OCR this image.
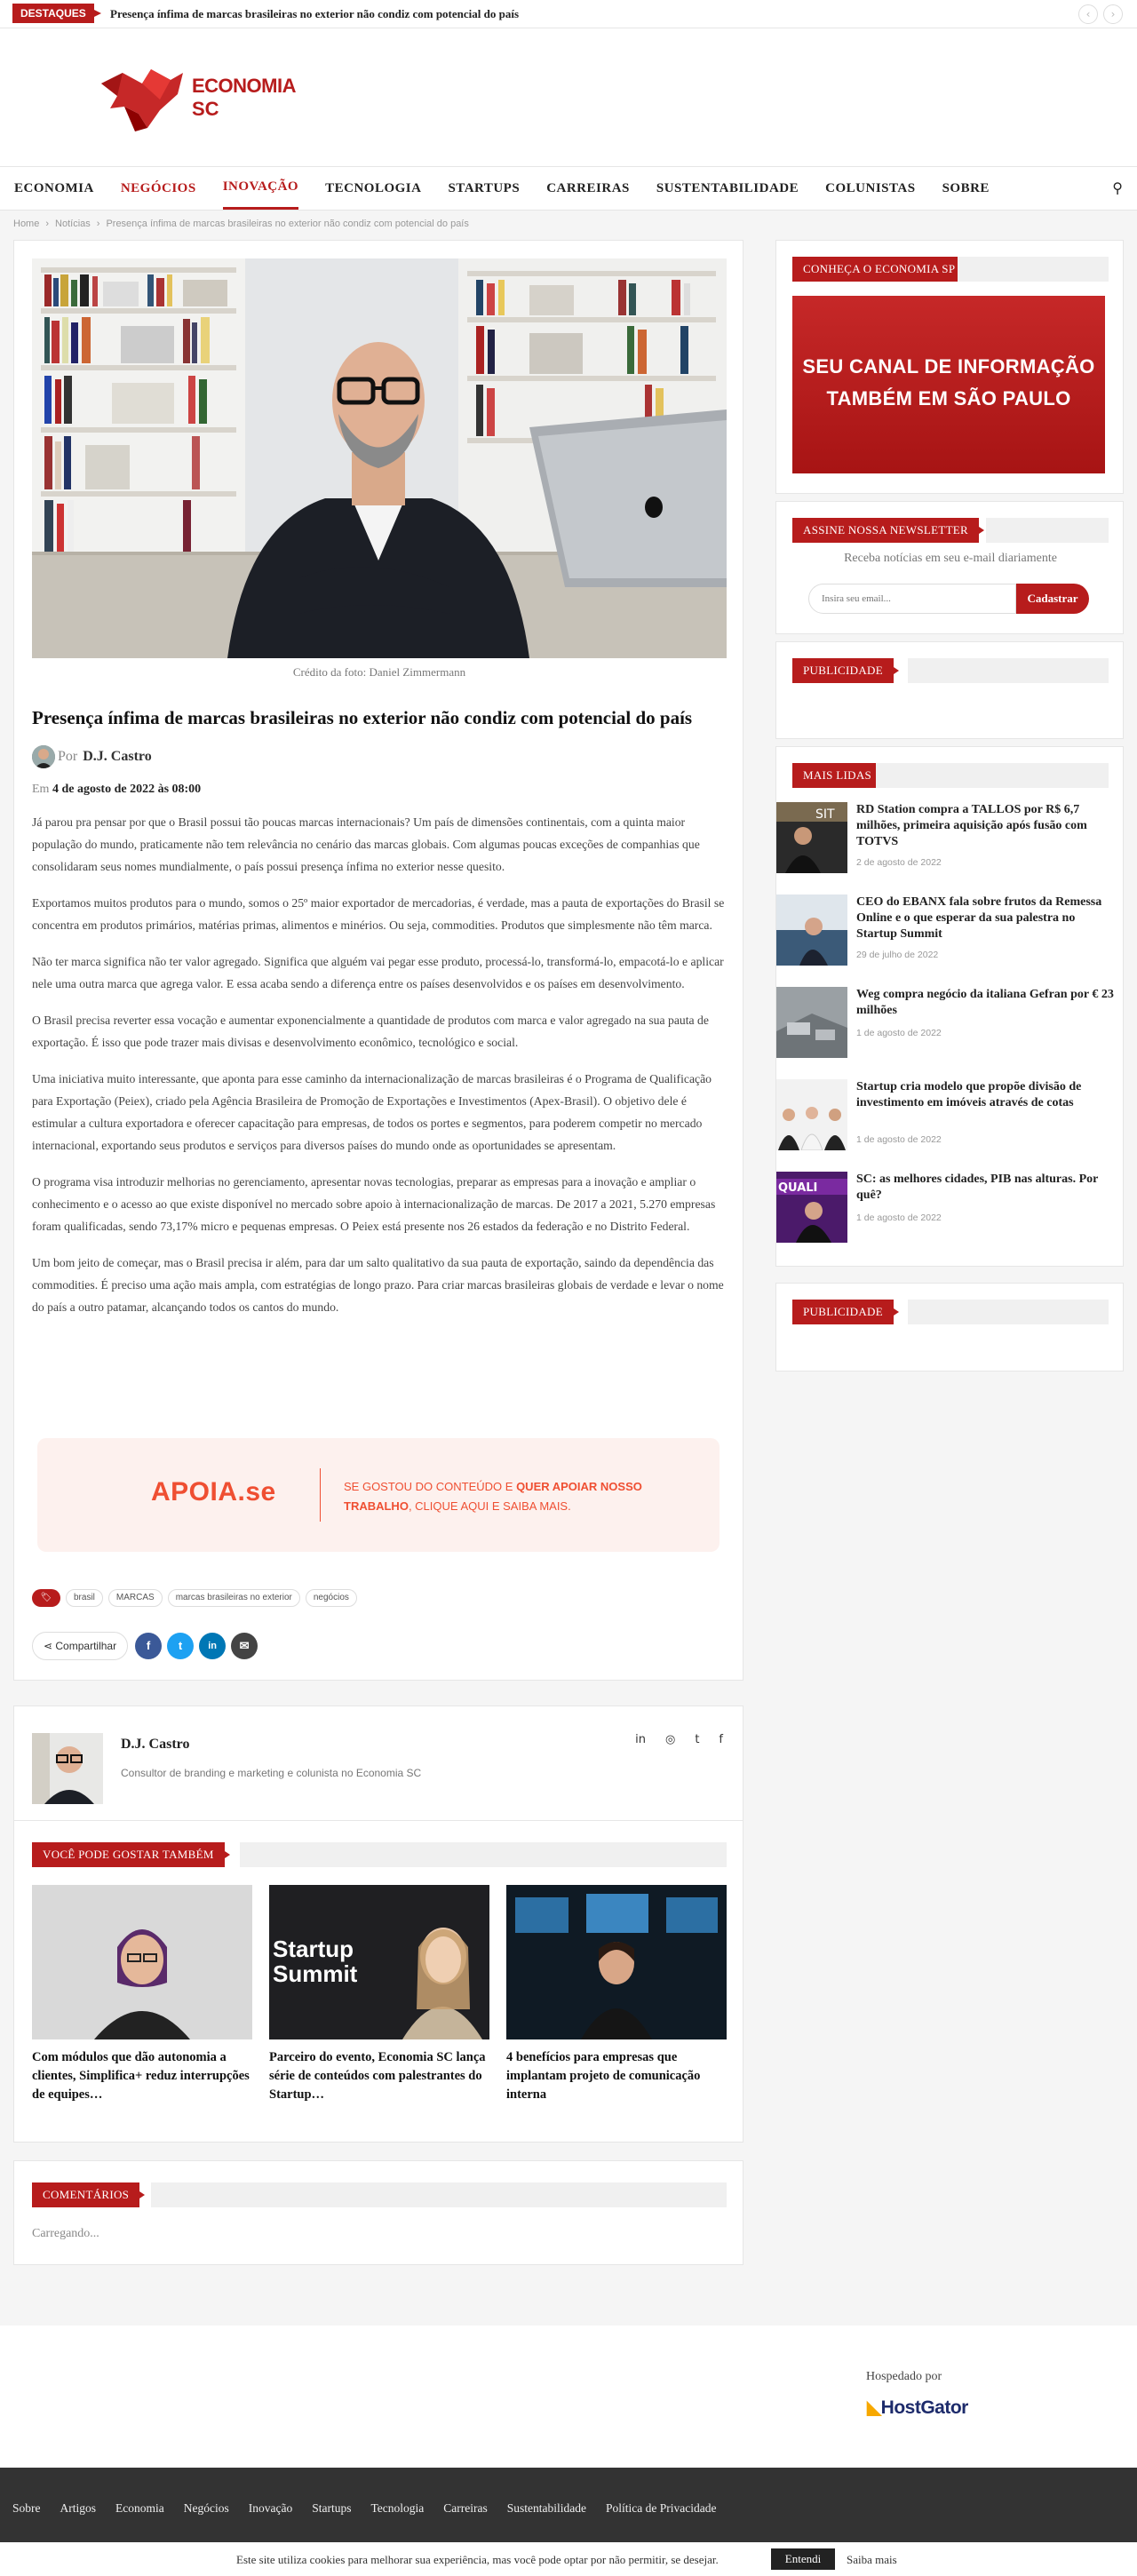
DESTAQUES	Presença ínfima de marcas brasileiras no exterior não condiz com potencial do país	‹	›
ECONOMIA
SC
ECONOMIA NEGÓCIOS INOVAÇÃO TECNOLOGIA STARTUPS CARREIRAS SUSTENTABILIDADE COLUNISTAS SOBRE	⚲
Home › Notícias › Presença ínfima de marcas brasileiras no exterior não condiz com potencial do país
Crédito da foto: Daniel Zimmermann
Presença ínfima de marcas brasileiras no exterior não condiz com potencial do país
Por D.J. Castro
Em 4 de agosto de 2022 às 08:00

Já parou pra pensar por que o Brasil possui tão poucas marcas internacionais? Um país de dimensões continentais, com a quinta maior população do mundo, praticamente não tem relevância no cenário das marcas globais. Com algumas poucas exceções de companhias que consolidaram seus nomes mundialmente, o país possui presença ínfima no exterior nesse quesito.

Exportamos muitos produtos para o mundo, somos o 25º maior exportador de mercadorias, é verdade, mas a pauta de exportações do Brasil se concentra em produtos primários, matérias primas, alimentos e minérios. Ou seja, commodities. Produtos que simplesmente não têm marca.

Não ter marca significa não ter valor agregado. Significa que alguém vai pegar esse produto, processá-lo, transformá-lo, empacotá-lo e aplicar nele uma outra marca que agrega valor. E essa acaba sendo a diferença entre os países desenvolvidos e os países em desenvolvimento.

O Brasil precisa reverter essa vocação e aumentar exponencialmente a quantidade de produtos com marca e valor agregado na sua pauta de exportação. É isso que pode trazer mais divisas e desenvolvimento econômico, tecnológico e social.

Uma iniciativa muito interessante, que aponta para esse caminho da internacionalização de marcas brasileiras é o Programa de Qualificação para Exportação (Peiex), criado pela Agência Brasileira de Promoção de Exportações e Investimentos (Apex-Brasil). O objetivo dele é estimular a cultura exportadora e oferecer capacitação para empresas, de todos os portes e segmentos, para poderem competir no mercado internacional, exportando seus produtos e serviços para diversos países do mundo onde as oportunidades se apresentam.

O programa visa introduzir melhorias no gerenciamento, apresentar novas tecnologias, preparar as empresas para a inovação e ampliar o conhecimento e o acesso ao que existe disponível no mercado sobre apoio à internacionalização de marcas. De 2017 a 2021, 5.270 empresas foram qualificadas, sendo 73,17% micro e pequenas empresas. O Peiex está presente nos 26 estados da federação e no Distrito Federal.

Um bom jeito de começar, mas o Brasil precisa ir além, para dar um salto qualitativo da sua pauta de exportação, saindo da dependência das commodities. É preciso uma ação mais ampla, com estratégias de longo prazo. Para criar marcas brasileiras globais de verdade e levar o nome do país a outro patamar, alcançando todos os cantos do mundo.

APOIA.se	SE GOSTOU DO CONTEÚDO E QUER APOIAR NOSSO TRABALHO, CLIQUE AQUI E SAIBA MAIS.
🏷	brasil	MARCAS	marcas brasileiras no exterior	negócios
⋖ Compartilhar	f	t	in	✉
D.J. Castro
Consultor de branding e marketing e colunista no Economia SC
in ◎ t f
VOCÊ PODE GOSTAR TAMBÉM
Com módulos que dão autonomia a clientes, Simplifica+ reduz interrupções de equipes…
Startup Summit
Parceiro do evento, Economia SC lança série de conteúdos com palestrantes do Startup…
4 benefícios para empresas que implantam projeto de comunicação interna
COMENTÁRIOS
Carregando...
CONHEÇA O ECONOMIA SP
SEU CANAL DE INFORMAÇÃO
TAMBÉM EM SÃO PAULO
ASSINE NOSSA NEWSLETTER
Receba notícias em seu e-mail diariamente
Insira seu email...
Cadastrar
PUBLICIDADE
MAIS LIDAS
SIT RD Station compra a TALLOS por R$ 6,7 milhões, primeira aquisição após fusão com TOTVS
2 de agosto de 2022
CEO do EBANX fala sobre frutos da Remessa Online e o que esperar da sua palestra no Startup Summit
29 de julho de 2022
Weg compra negócio da italiana Gefran por € 23 milhões
1 de agosto de 2022
Startup cria modelo que propõe divisão de investimento em imóveis através de cotas
1 de agosto de 2022
QUALI
SC: as melhores cidades, PIB nas alturas. Por quê?
1 de agosto de 2022
PUBLICIDADE
Hospedado por
◣HostGator
Sobre Artigos Economia Negócios Inovação Startups Tecnologia Carreiras Sustentabilidade Política de Privacidade
Este site utiliza cookies para melhorar sua experiência, mas você pode optar por não permitir, se desejar.	Entendi	Saiba mais
